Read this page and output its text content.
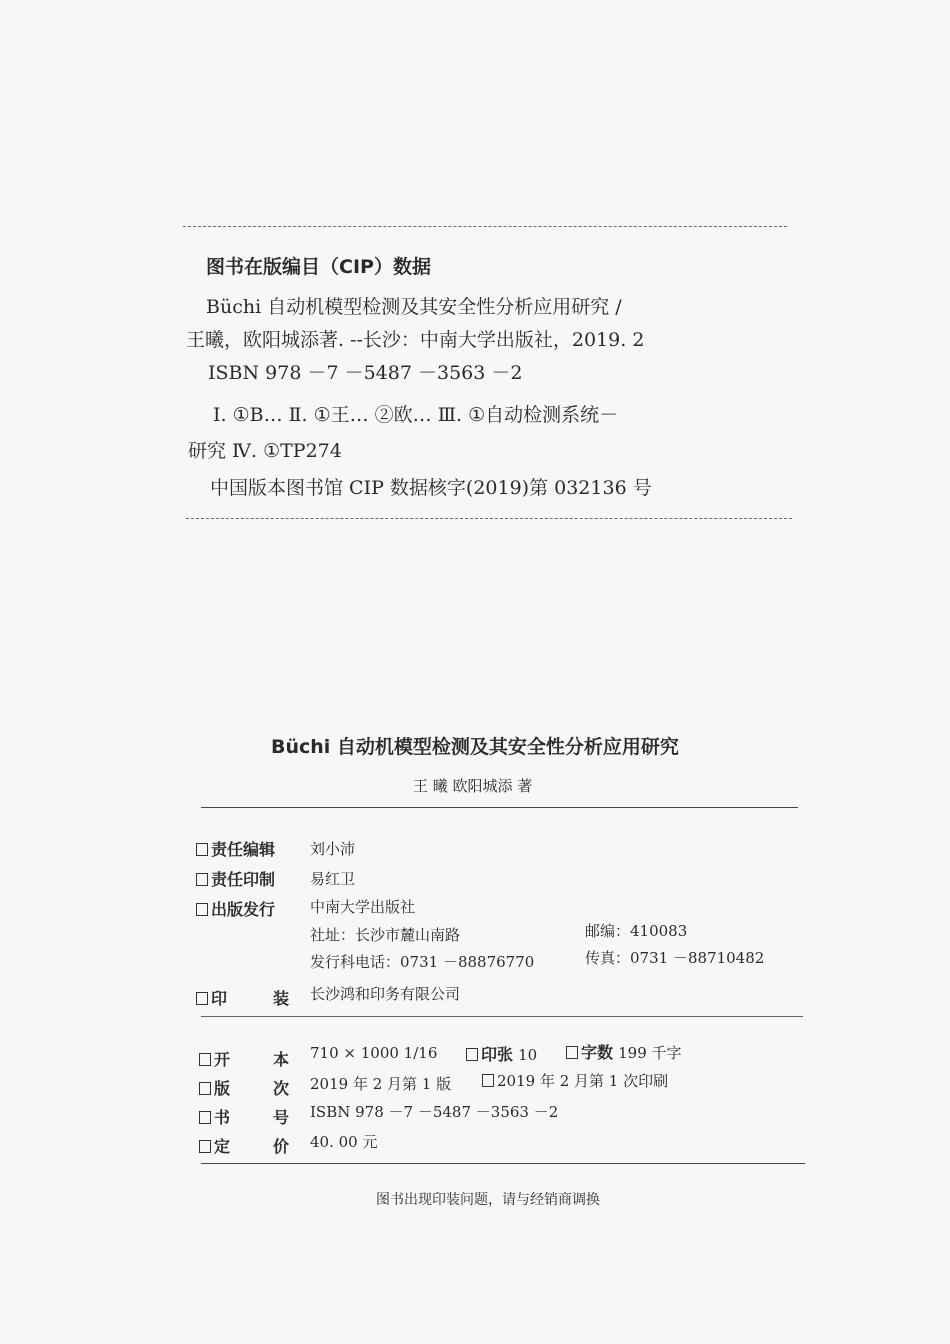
图书在版编目（CIP）数据
Büchi 自动机模型检测及其安全性分析应用研究 /
王曦，欧阳城添著. --长沙：中南大学出版社，2019. 2
ISBN 978 －7 －5487 －3563 －2
Ⅰ. ①B… Ⅱ. ①王… ②欧… Ⅲ. ①自动检测系统－
研究 Ⅳ. ①TP274
中国版本图书馆 CIP 数据核字(2019)第 032136 号
Büchi 自动机模型检测及其安全性分析应用研究
王 曦 欧阳城添 著
责任编辑 刘小沛
责任印制 易红卫
出版发行 中南大学出版社
社址：长沙市麓山南路	邮编：410083
发行科电话：0731 －88876770	传真：0731 －88710482
印	装 长沙鸿和印务有限公司
开	本 710 × 1000 1/16	印张 10	字数 199 千字
版	次 2019 年 2 月第 1 版	2019 年 2 月第 1 次印刷
书	号 ISBN 978 －7 －5487 －3563 －2
定	价 40. 00 元
图书出现印装问题，请与经销商调换
